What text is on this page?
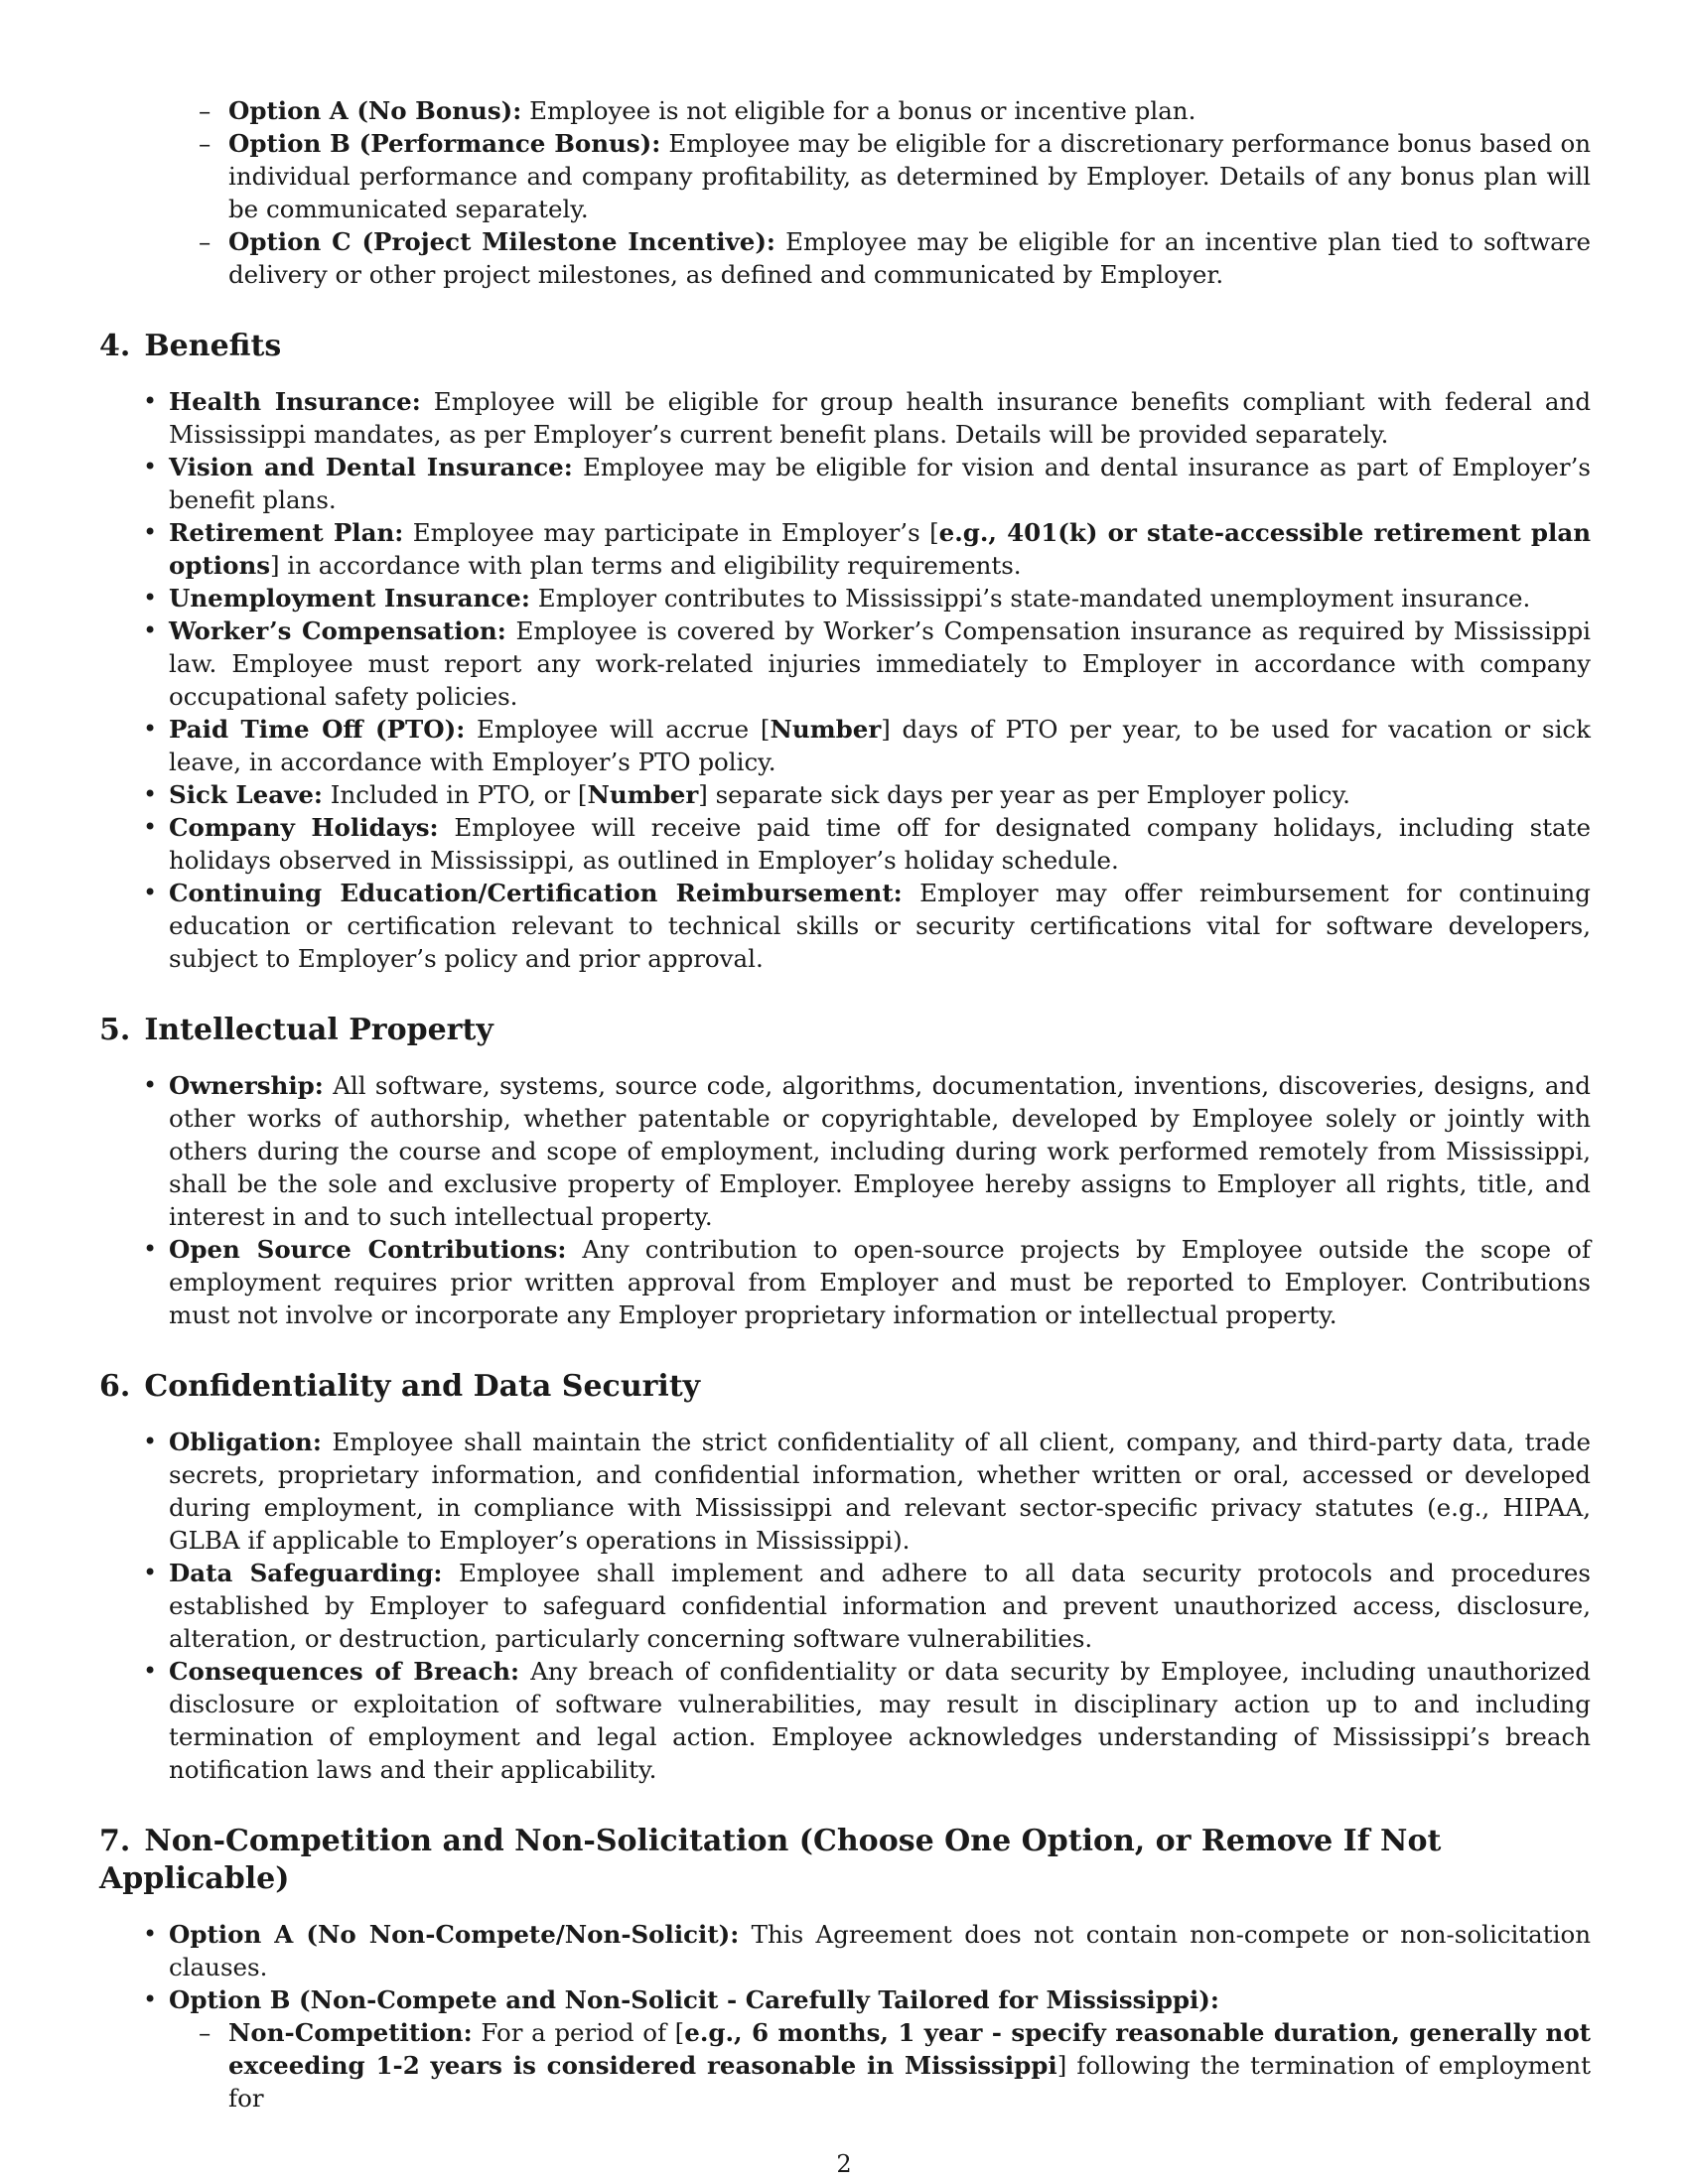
– Option A (No Bonus): Employee is not eligible for a bonus or incentive plan.
– Option B (Performance Bonus): Employee may be eligible for a discretionary performance bonus based on individual performance and company profitability, as determined by Employer. Details of any bonus plan will be communicated separately.
– Option C (Project Milestone Incentive): Employee may be eligible for an incentive plan tied to software delivery or other project milestones, as defined and communicated by Employer.
4. Benefits
• Health Insurance: Employee will be eligible for group health insurance benefits compliant with federal and Mississippi mandates, as per Employer’s current benefit plans. Details will be provided separately.
• Vision and Dental Insurance: Employee may be eligible for vision and dental insurance as part of Employer’s benefit plans.
• Retirement Plan: Employee may participate in Employer’s [e.g., 401(k) or state-accessible retirement plan options] in accordance with plan terms and eligibility requirements.
• Unemployment Insurance: Employer contributes to Mississippi’s state-mandated unemployment insurance.
• Worker’s Compensation: Employee is covered by Worker’s Compensation insurance as required by Mississippi law. Employee must report any work-related injuries immediately to Employer in accordance with company occupational safety policies.
• Paid Time Off (PTO): Employee will accrue [Number] days of PTO per year, to be used for vacation or sick leave, in accordance with Employer’s PTO policy.
• Sick Leave: Included in PTO, or [Number] separate sick days per year as per Employer policy.
• Company Holidays: Employee will receive paid time off for designated company holidays, including state holidays observed in Mississippi, as outlined in Employer’s holiday schedule.
• Continuing Education/Certification Reimbursement: Employer may offer reimbursement for continuing education or certification relevant to technical skills or security certifications vital for software developers, subject to Employer’s policy and prior approval.
5. Intellectual Property
• Ownership: All software, systems, source code, algorithms, documentation, inventions, discoveries, designs, and other works of authorship, whether patentable or copyrightable, developed by Employee solely or jointly with others during the course and scope of employment, including during work performed remotely from Mississippi, shall be the sole and exclusive property of Employer. Employee hereby assigns to Employer all rights, title, and interest in and to such intellectual property.
• Open Source Contributions: Any contribution to open-source projects by Employee outside the scope of employment requires prior written approval from Employer and must be reported to Employer. Contributions must not involve or incorporate any Employer proprietary information or intellectual property.
6. Confidentiality and Data Security
• Obligation: Employee shall maintain the strict confidentiality of all client, company, and third-party data, trade secrets, proprietary information, and confidential information, whether written or oral, accessed or developed during employment, in compliance with Mississippi and relevant sector-specific privacy statutes (e.g., HIPAA, GLBA if applicable to Employer’s operations in Mississippi).
• Data Safeguarding: Employee shall implement and adhere to all data security protocols and procedures established by Employer to safeguard confidential information and prevent unauthorized access, disclosure, alteration, or destruction, particularly concerning software vulnerabilities.
• Consequences of Breach: Any breach of confidentiality or data security by Employee, including unauthorized disclosure or exploitation of software vulnerabilities, may result in disciplinary action up to and including termination of employment and legal action. Employee acknowledges understanding of Mississippi’s breach notification laws and their applicability.
7. Non-Competition and Non-Solicitation (Choose One Option, or Remove If Not Applicable)
• Option A (No Non-Compete/Non-Solicit): This Agreement does not contain non-compete or non-solicitation clauses.
• Option B (Non-Compete and Non-Solicit - Carefully Tailored for Mississippi):
– Non-Competition: For a period of [e.g., 6 months, 1 year - specify reasonable duration, generally not exceeding 1-2 years is considered reasonable in Mississippi] following the termination of employment for
2
